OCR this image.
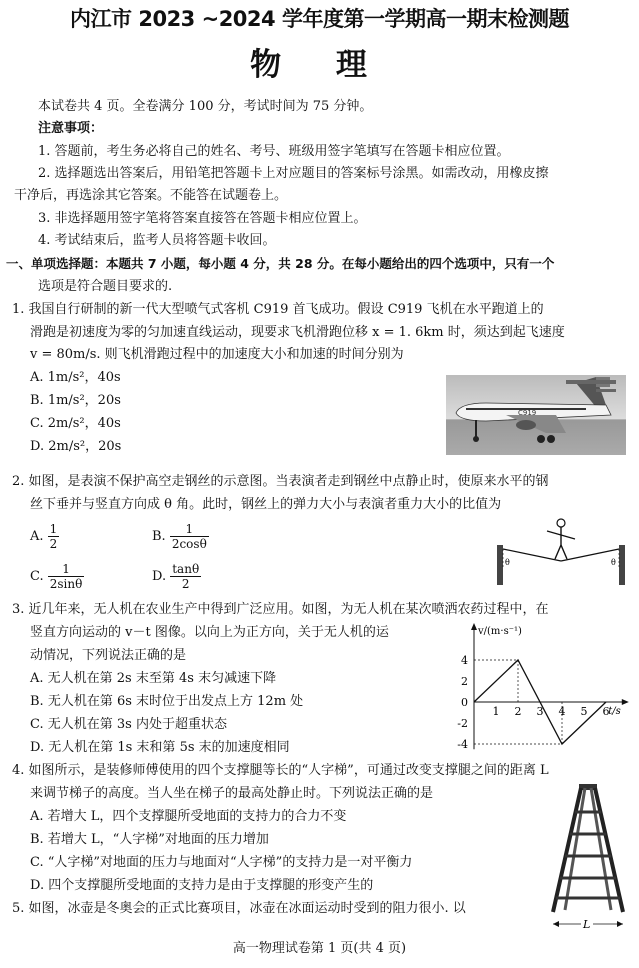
内江市 2023 ~2024 学年度第一学期高一期末检测题
物 理
本试卷共 4 页。全卷满分 100 分，考试时间为 75 分钟。
注意事项：
1. 答题前，考生务必将自己的姓名、考号、班级用签字笔填写在答题卡相应位置。
2. 选择题选出答案后，用铅笔把答题卡上对应题目的答案标号涂黑。如需改动，用橡皮擦
干净后，再选涂其它答案。不能答在试题卷上。
3. 非选择题用签字笔将答案直接答在答题卡相应位置上。
4. 考试结束后，监考人员将答题卡收回。
一、单项选择题：本题共 7 小题，每小题 4 分，共 28 分。在每小题给出的四个选项中，只有一个
选项是符合题目要求的.
1. 我国自行研制的新一代大型喷气式客机 C919 首飞成功。假设 C919 飞机在水平跑道上的
滑跑是初速度为零的匀加速直线运动，现要求飞机滑跑位移 x = 1. 6km 时，须达到起飞速度
v = 80m/s. 则飞机滑跑过程中的加速度大小和加速的时间分别为
A. 1m/s²，40s
B. 1m/s²，20s
C. 2m/s²，40s
D. 2m/s²，20s
C919
2. 如图，是表演不保护高空走钢丝的示意图。当表演者走到钢丝中点静止时，使原来水平的钢
丝下垂并与竖直方向成 θ 角。此时，钢丝上的弹力大小与表演者重力大小的比值为
A. $\frac{1}{2}$	B. $\frac{1}{2\cos\theta}$
C. $\frac{1}{2\sin\theta}$	D. $\frac{\tan\theta}{2}$	θ	θ
3. 近几年来，无人机在农业生产中得到广泛应用。如图，为无人机在某次喷洒农药过程中，在
竖直方向运动的 v－t 图像。以向上为正方向，关于无人机的运
动情况，下列说法正确的是
A. 无人机在第 2s 末至第 4s 末匀减速下降
B. 无人机在第 6s 末时位于出发点上方 12m 处
C. 无人机在第 3s 内处于超重状态
D. 无人机在第 1s 末和第 5s 末的加速度相同
v/(m·s⁻¹)
t/s
4
2
0
-2
-4
1 2 3 4 5 6
4. 如图所示，是装修师傅使用的四个支撑腿等长的“人字梯”，可通过改变支撑腿之间的距离 L
来调节梯子的高度。当人坐在梯子的最高处静止时。下列说法正确的是
A. 若增大 L，四个支撑腿所受地面的支持力的合力不变
B. 若增大 L，“人字梯”对地面的压力增加
C. “人字梯”对地面的压力与地面对“人字梯”的支持力是一对平衡力
D. 四个支撑腿所受地面的支持力是由于支撑腿的形变产生的
L
5. 如图，冰壶是冬奥会的正式比赛项目，冰壶在冰面运动时受到的阻力很小. 以
高一物理试卷第 1 页(共 4 页)
